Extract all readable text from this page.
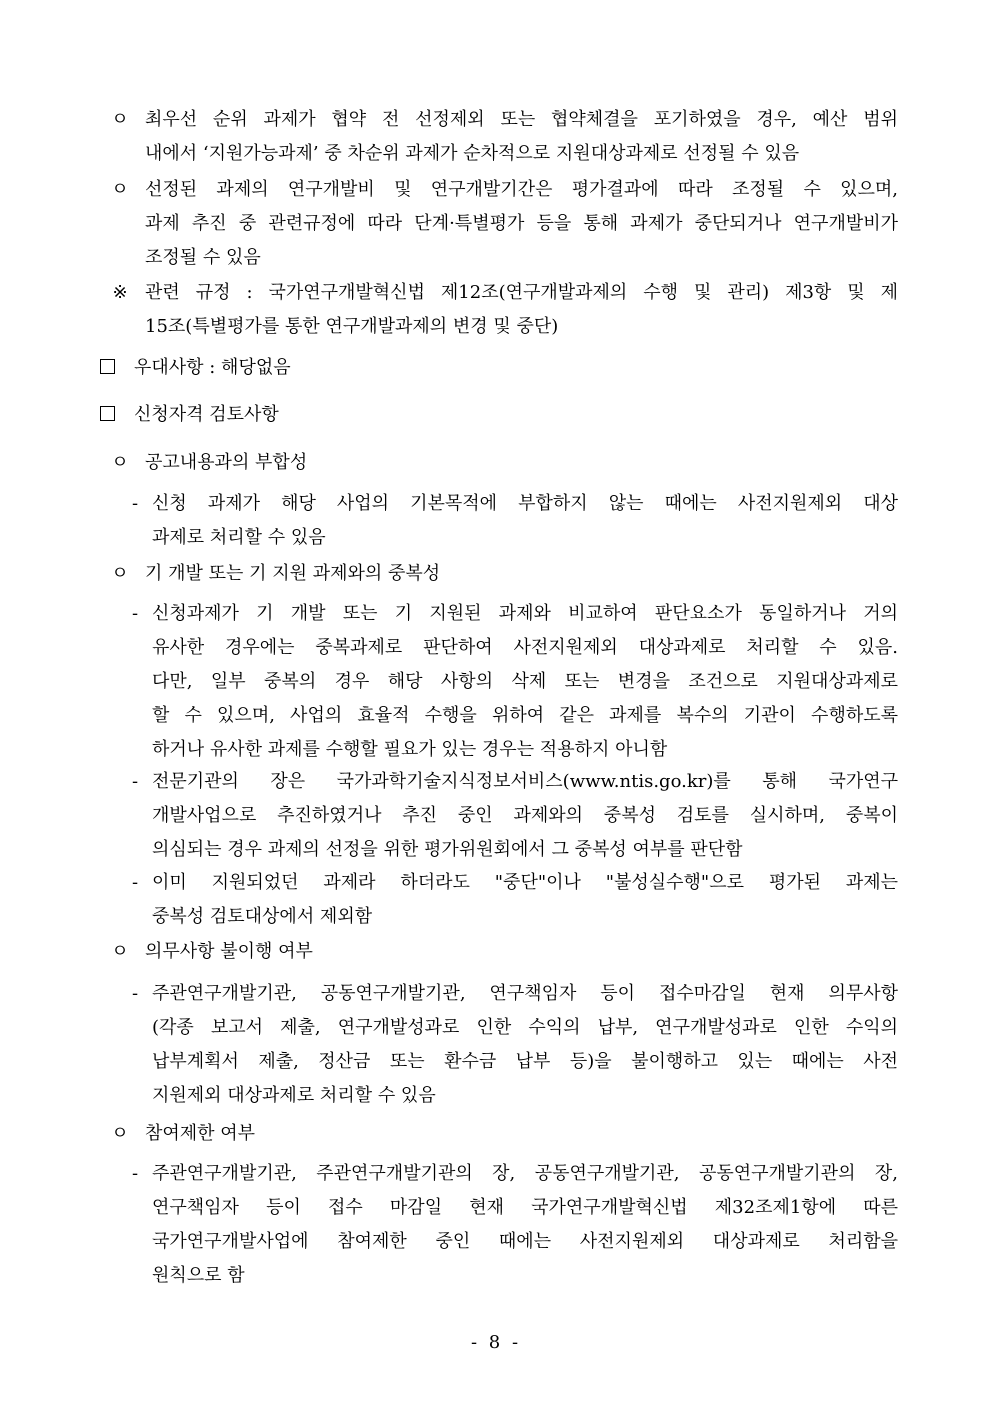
ㅇ 최우선 순위 과제가 협약 전 선정제외 또는 협약체결을 포기하였을 경우, 예산 범위
내에서 ‘지원가능과제’ 중 차순위 과제가 순차적으로 지원대상과제로 선정될 수 있음
ㅇ 선정된 과제의 연구개발비 및 연구개발기간은 평가결과에 따라 조정될 수 있으며,
과제 추진 중 관련규정에 따라 단계·특별평가 등을 통해 과제가 중단되거나 연구개발비가
조정될 수 있음
※ 관련 규정 : 국가연구개발혁신법 제12조(연구개발과제의 수행 및 관리) 제3항 및 제
15조(특별평가를 통한 연구개발과제의 변경 및 중단)
우대사항 : 해당없음
신청자격 검토사항
ㅇ 공고내용과의 부합성
- 신청 과제가 해당 사업의 기본목적에 부합하지 않는 때에는 사전지원제외 대상
과제로 처리할 수 있음
ㅇ 기 개발 또는 기 지원 과제와의 중복성
- 신청과제가 기 개발 또는 기 지원된 과제와 비교하여 판단요소가 동일하거나 거의
유사한 경우에는 중복과제로 판단하여 사전지원제외 대상과제로 처리할 수 있음.
다만, 일부 중복의 경우 해당 사항의 삭제 또는 변경을 조건으로 지원대상과제로
할 수 있으며, 사업의 효율적 수행을 위하여 같은 과제를 복수의 기관이 수행하도록
하거나 유사한 과제를 수행할 필요가 있는 경우는 적용하지 아니함
- 전문기관의 장은 국가과학기술지식정보서비스(www.ntis.go.kr)를 통해 국가연구
개발사업으로 추진하였거나 추진 중인 과제와의 중복성 검토를 실시하며, 중복이
의심되는 경우 과제의 선정을 위한 평가위원회에서 그 중복성 여부를 판단함
- 이미 지원되었던 과제라 하더라도 "중단"이나 "불성실수행"으로 평가된 과제는
중복성 검토대상에서 제외함
ㅇ 의무사항 불이행 여부
- 주관연구개발기관, 공동연구개발기관, 연구책임자 등이 접수마감일 현재 의무사항
(각종 보고서 제출, 연구개발성과로 인한 수익의 납부, 연구개발성과로 인한 수익의
납부계획서 제출, 정산금 또는 환수금 납부 등)을 불이행하고 있는 때에는 사전
지원제외 대상과제로 처리할 수 있음
ㅇ 참여제한 여부
- 주관연구개발기관, 주관연구개발기관의 장, 공동연구개발기관, 공동연구개발기관의 장,
연구책임자 등이 접수 마감일 현재 국가연구개발혁신법 제32조제1항에 따른
국가연구개발사업에 참여제한 중인 때에는 사전지원제외 대상과제로 처리함을
원칙으로 함
- 8 -
